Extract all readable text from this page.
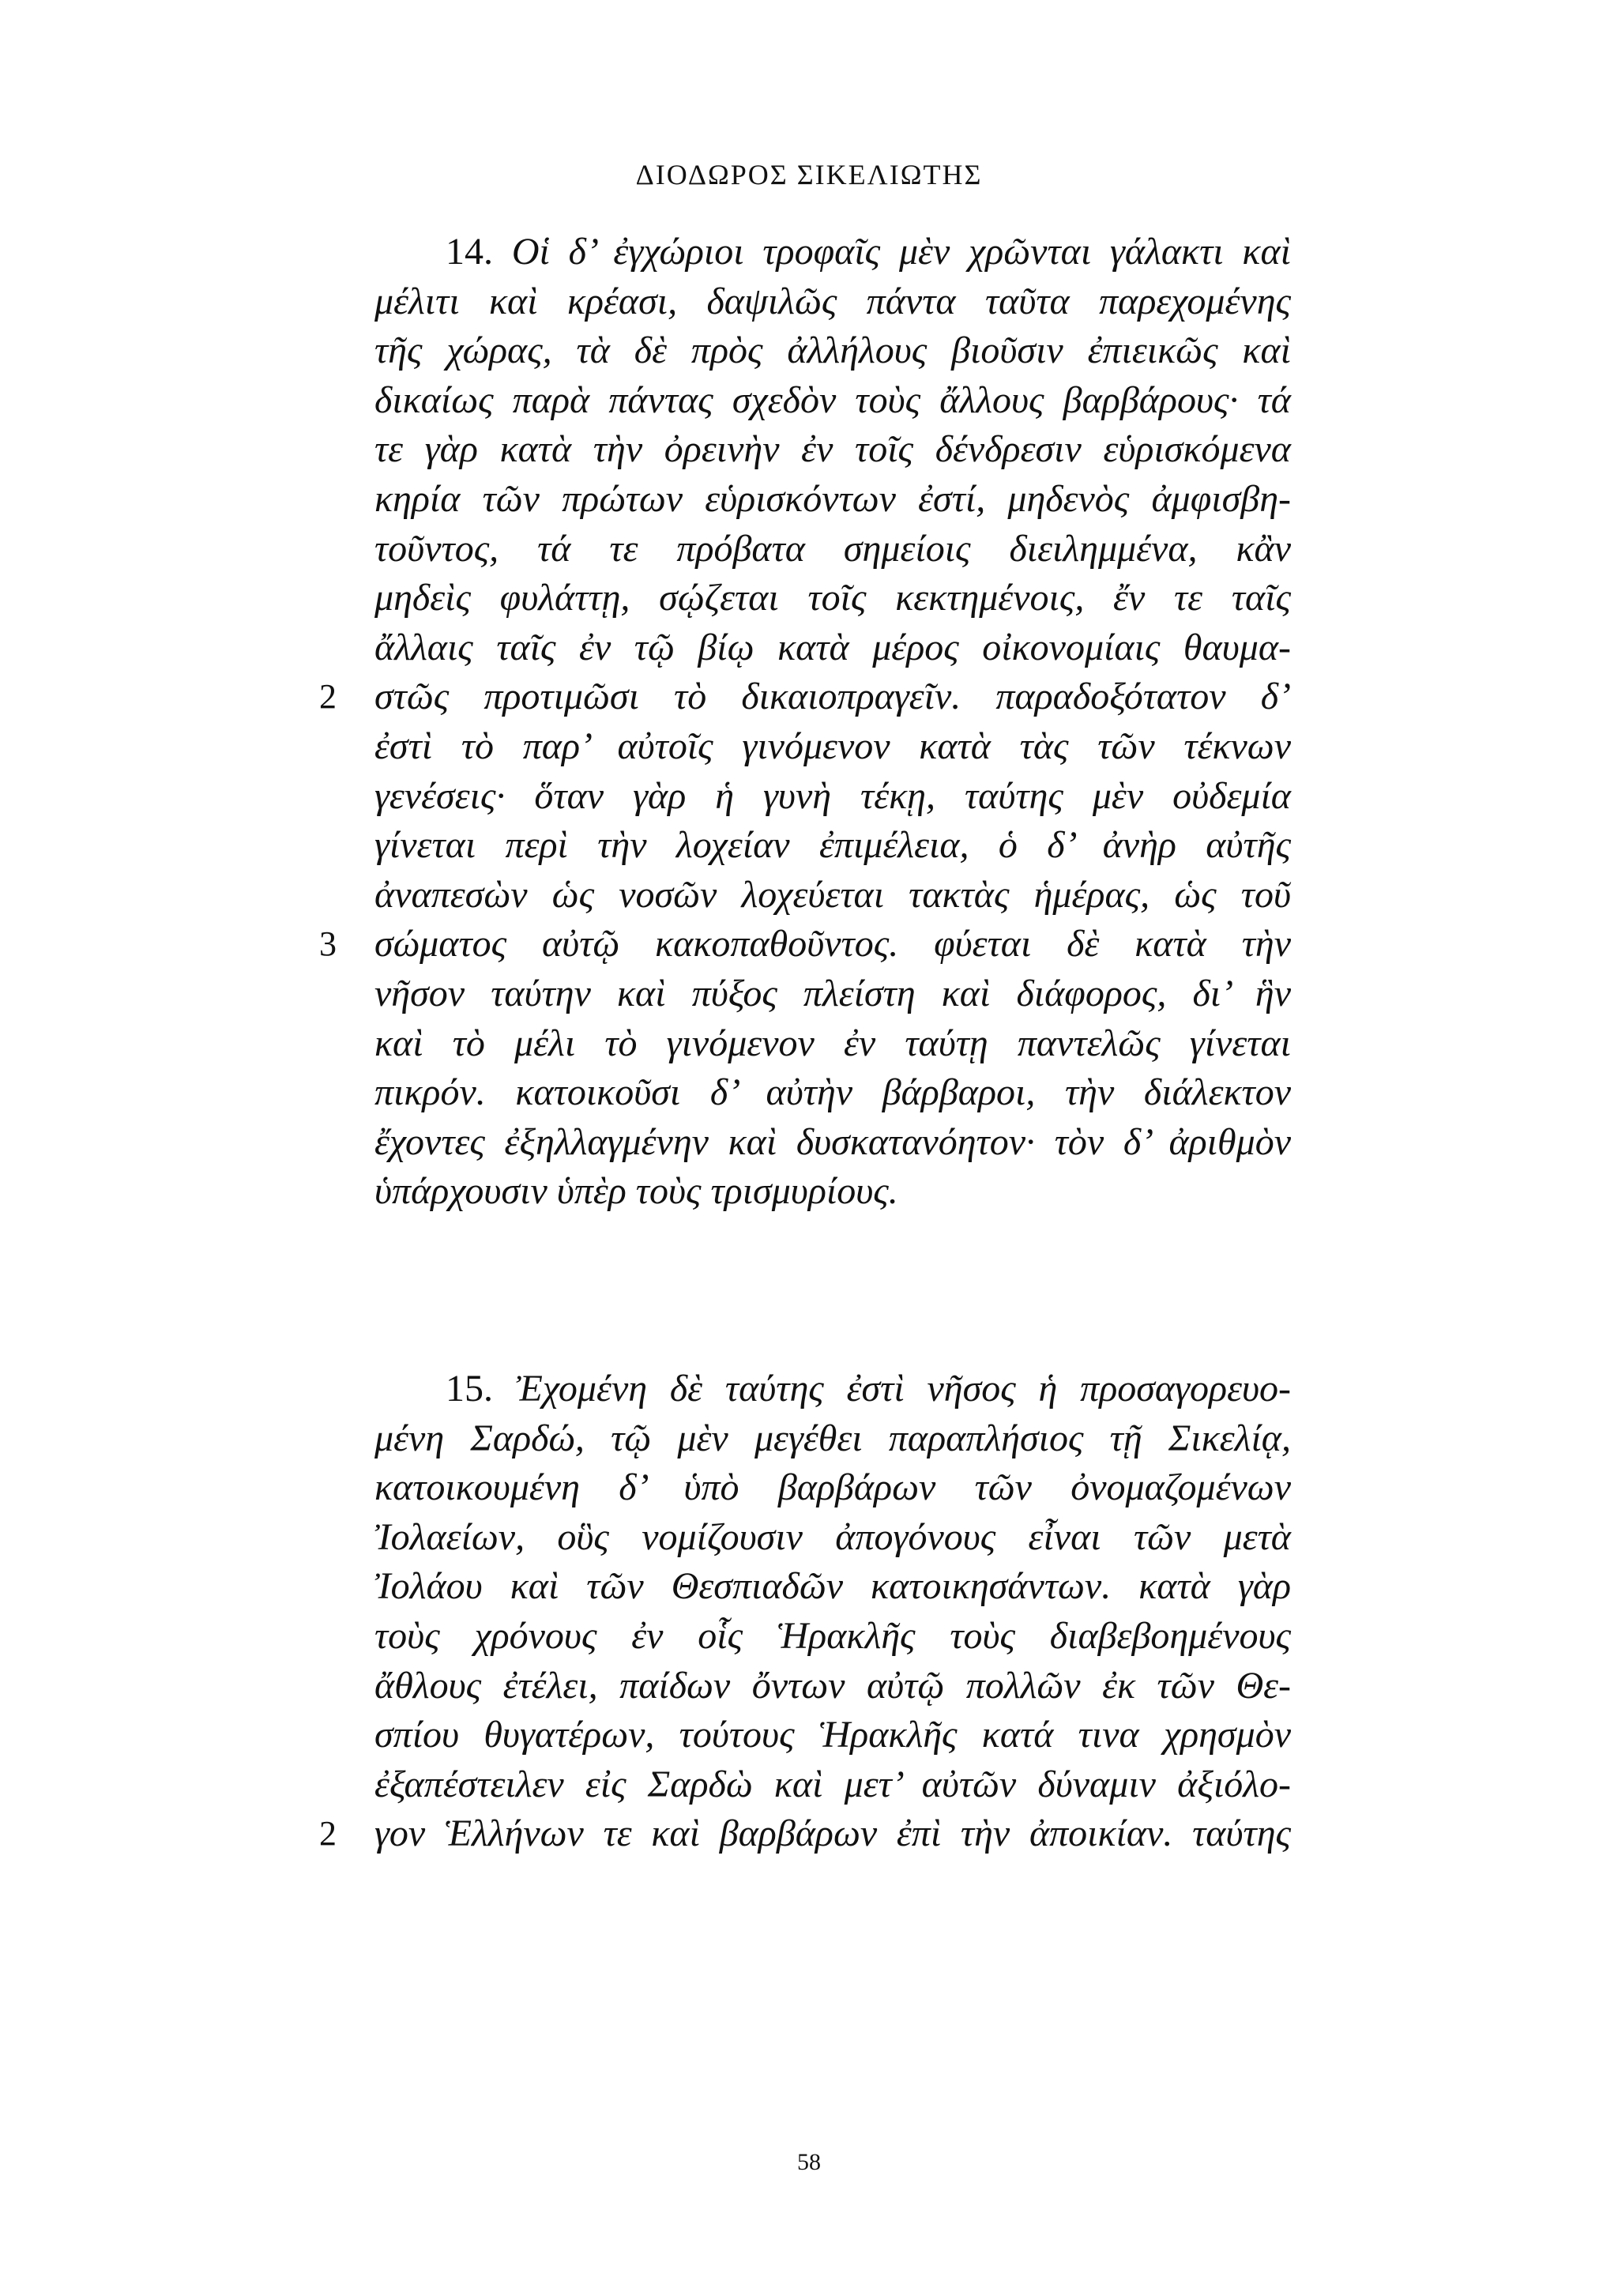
ΔΙΟΔΩΡΟΣ ΣΙΚΕΛΙΩΤΗΣ
14. Οἱ δ’ ἐγχώριοι τροφαῖς μὲν χρῶνται γάλακτι καὶ
μέλιτι καὶ κρέασι, δαψιλῶς πάντα ταῦτα παρεχομένης
τῆς χώρας, τὰ δὲ πρὸς ἀλλήλους βιοῦσιν ἐπιεικῶς καὶ
δικαίως παρὰ πάντας σχεδὸν τοὺς ἄλλους βαρβάρους· τά
τε γὰρ κατὰ τὴν ὀρεινὴν ἐν τοῖς δένδρεσιν εὑρισκόμενα
κηρία τῶν πρώτων εὑρισκόντων ἐστί, μηδενὸς ἀμφισβη-
τοῦντος, τά τε πρόβατα σημείοις διειλημμένα, κἂν
μηδεὶς φυλάττῃ, σῴζεται τοῖς κεκτημένοις, ἔν τε ταῖς
ἄλλαις ταῖς ἐν τῷ βίῳ κατὰ μέρος οἰκονομίαις θαυμα-
2 στῶς προτιμῶσι τὸ δικαιοπραγεῖν. παραδοξότατον δ’
ἐστὶ τὸ παρ’ αὐτοῖς γινόμενον κατὰ τὰς τῶν τέκνων
γενέσεις· ὅταν γὰρ ἡ γυνὴ τέκῃ, ταύτης μὲν οὐδεμία
γίνεται περὶ τὴν λοχείαν ἐπιμέλεια, ὁ δ’ ἀνὴρ αὐτῆς
ἀναπεσὼν ὡς νοσῶν λοχεύεται τακτὰς ἡμέρας, ὡς τοῦ
3 σώματος αὐτῷ κακοπαθοῦντος. φύεται δὲ κατὰ τὴν
νῆσον ταύτην καὶ πύξος πλείστη καὶ διάφορος, δι’ ἣν
καὶ τὸ μέλι τὸ γινόμενον ἐν ταύτῃ παντελῶς γίνεται
πικρόν. κατοικοῦσι δ’ αὐτὴν βάρβαροι, τὴν διάλεκτον
ἔχοντες ἐξηλλαγμένην καὶ δυσκατανόητον· τὸν δ’ ἀριθμὸν
ὑπάρχουσιν ὑπὲρ τοὺς τρισμυρίους.
15. Ἐχομένη δὲ ταύτης ἐστὶ νῆσος ἡ προσαγορευο-
μένη Σαρδώ, τῷ μὲν μεγέθει παραπλήσιος τῇ Σικελίᾳ,
κατοικουμένη δ’ ὑπὸ βαρβάρων τῶν ὀνομαζομένων
Ἰολαείων, οὓς νομίζουσιν ἀπογόνους εἶναι τῶν μετὰ
Ἰολάου καὶ τῶν Θεσπιαδῶν κατοικησάντων. κατὰ γὰρ
τοὺς χρόνους ἐν οἷς Ἡρακλῆς τοὺς διαβεβοημένους
ἄθλους ἐτέλει, παίδων ὄντων αὐτῷ πολλῶν ἐκ τῶν Θε-
σπίου θυγατέρων, τούτους Ἡρακλῆς κατά τινα χρησμὸν
ἐξαπέστειλεν εἰς Σαρδὼ καὶ μετ’ αὐτῶν δύναμιν ἀξιόλο-
2 γον Ἑλλήνων τε καὶ βαρβάρων ἐπὶ τὴν ἀποικίαν. ταύτης
58
